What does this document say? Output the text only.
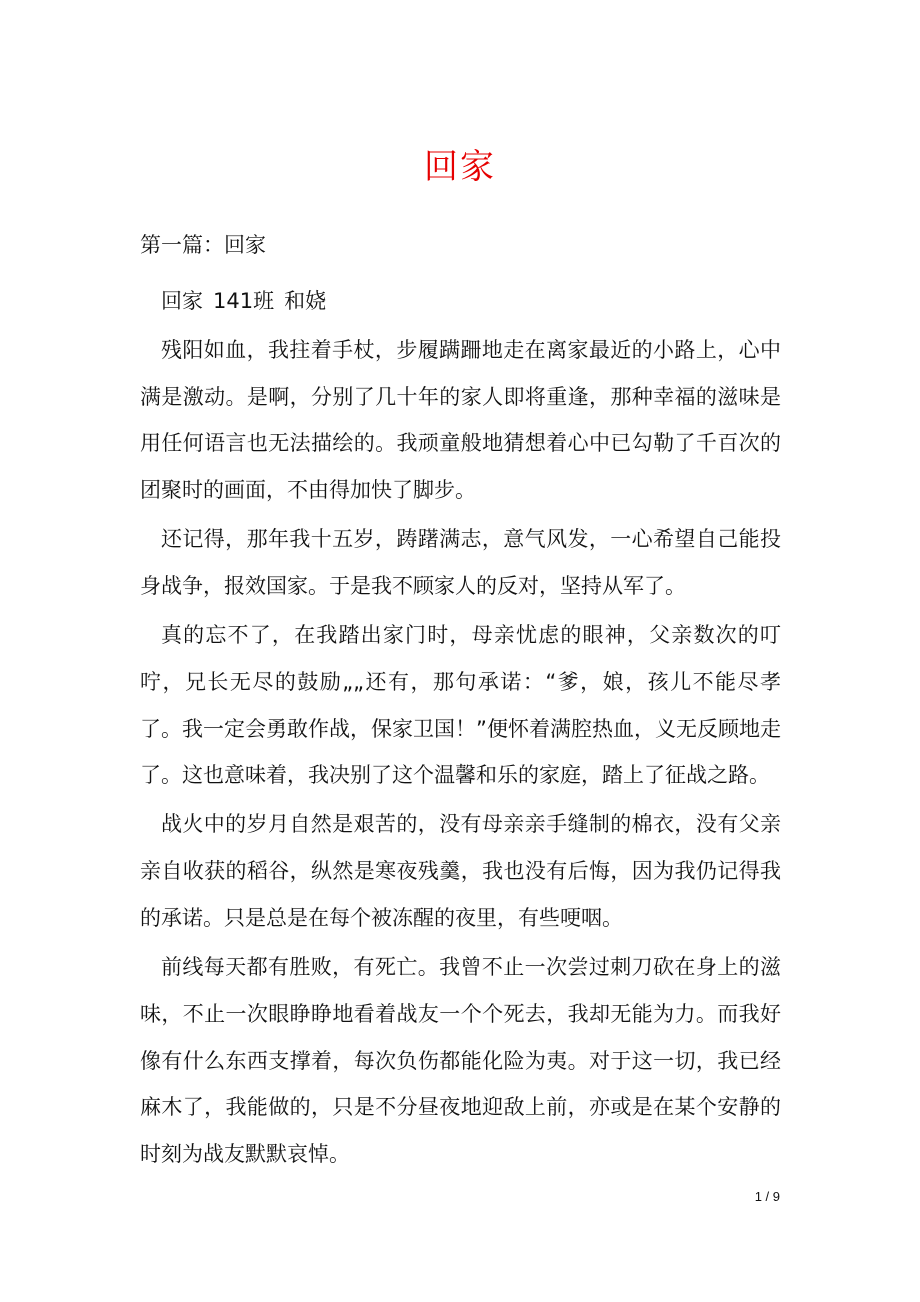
回家
第一篇：回家
回家 141班 和娆

残阳如血，我拄着手杖，步履蹒跚地走在离家最近的小路上，心中满是激动。是啊，分别了几十年的家人即将重逢，那种幸福的滋味是用任何语言也无法描绘的。我顽童般地猜想着心中已勾勒了千百次的团聚时的画面，不由得加快了脚步。

还记得，那年我十五岁，踌躇满志，意气风发，一心希望自己能投身战争，报效国家。于是我不顾家人的反对，坚持从军了。

真的忘不了，在我踏出家门时，母亲忧虑的眼神，父亲数次的叮咛，兄长无尽的鼓励„„还有，那句承诺：“爹，娘，孩儿不能尽孝了。我一定会勇敢作战，保家卫国！”便怀着满腔热血，义无反顾地走了。这也意味着，我决别了这个温馨和乐的家庭，踏上了征战之路。

战火中的岁月自然是艰苦的，没有母亲亲手缝制的棉衣，没有父亲亲自收获的稻谷，纵然是寒夜残羹，我也没有后悔，因为我仍记得我的承诺。只是总是在每个被冻醒的夜里，有些哽咽。

前线每天都有胜败，有死亡。我曾不止一次尝过刺刀砍在身上的滋味，不止一次眼睁睁地看着战友一个个死去，我却无能为力。而我好像有什么东西支撑着，每次负伤都能化险为夷。对于这一切，我已经麻木了，我能做的，只是不分昼夜地迎敌上前，亦或是在某个安静的时刻为战友默默哀悼。

1 / 9
